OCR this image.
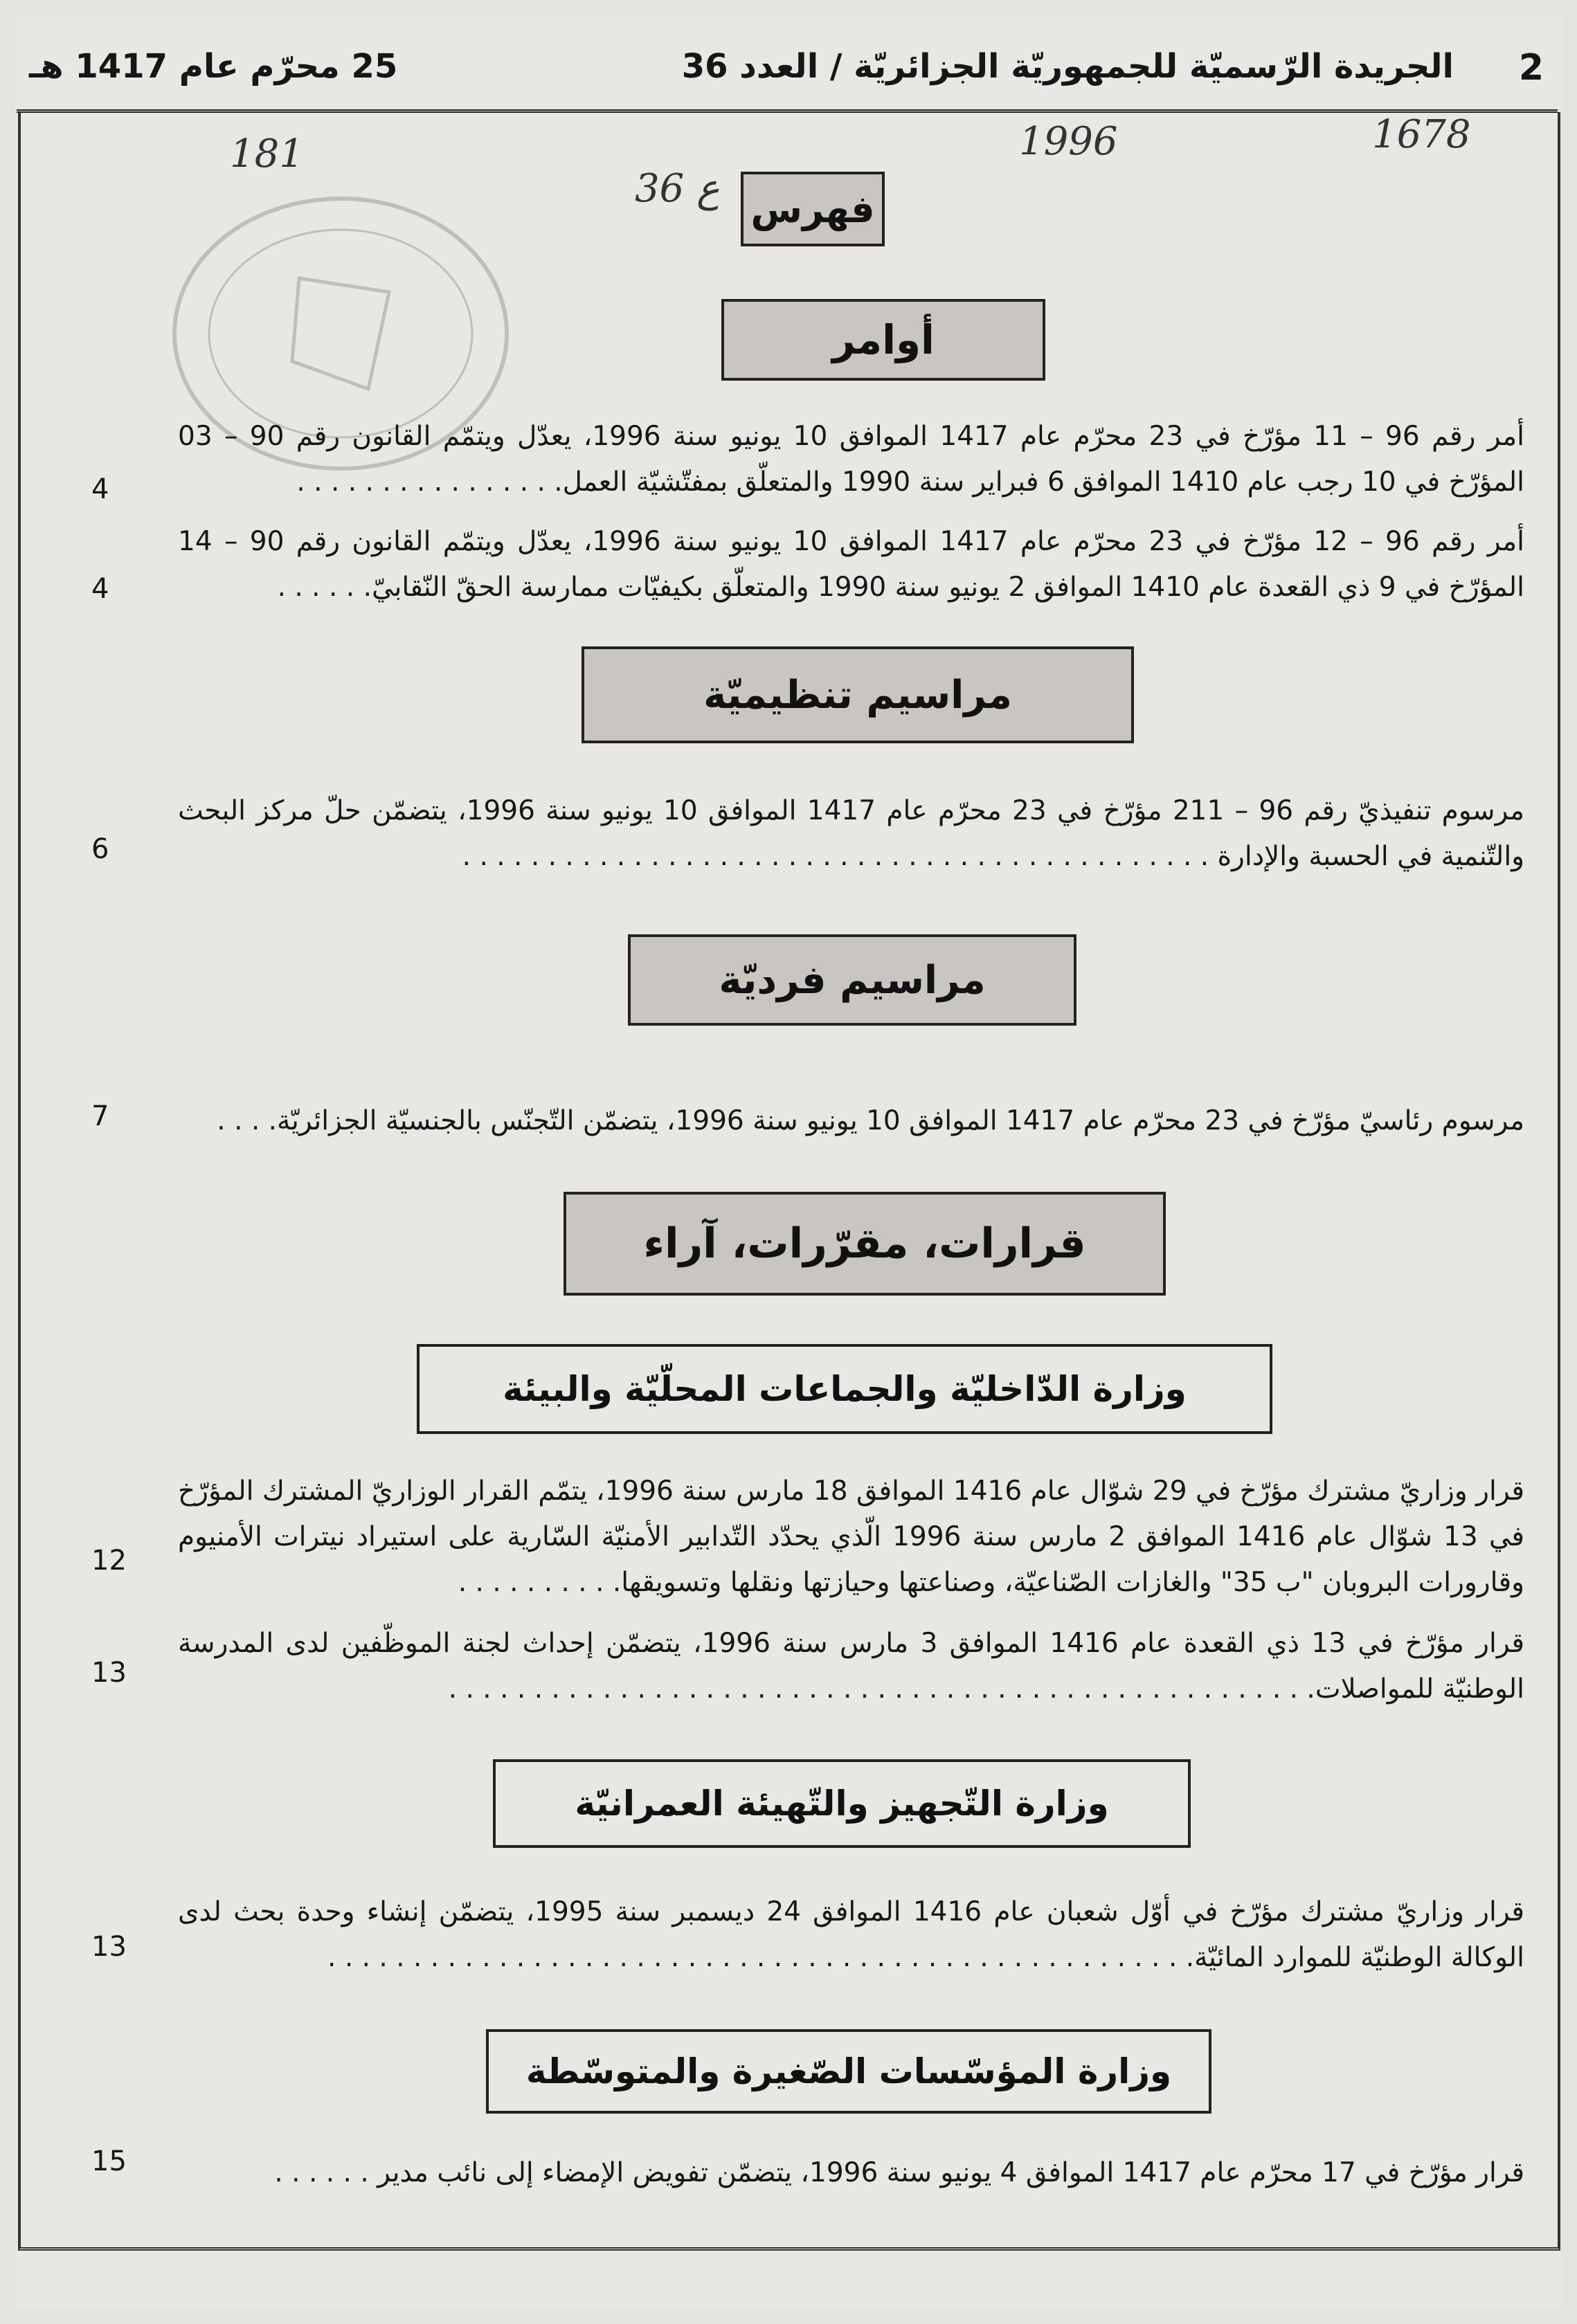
2
الجريدة الرّسميّة للجمهوريّة الجزائريّة / العدد 36
25 محرّم عام 1417 هـ
181
36 ع
1996	1678
فهرس
أوامر
أمر رقم 96 – 11 مؤرّخ في 23 محرّم عام 1417 الموافق 10 يونيو سنة 1996، يعدّل ويتمّم القانون رقم 90 – 03 المؤرّخ في 10 رجب عام 1410 الموافق 6 فبراير سنة 1990 والمتعلّق بمفتّشيّة العمل. . . . . . . . . . . . . . . .
4
أمر رقم 96 – 12 مؤرّخ في 23 محرّم عام 1417 الموافق 10 يونيو سنة 1996، يعدّل ويتمّم القانون رقم 90 – 14 المؤرّخ في 9 ذي القعدة عام 1410 الموافق 2 يونيو سنة 1990 والمتعلّق بكيفيّات ممارسة الحقّ النّقابيّ. . . . . .
4
مراسيم تنظيميّة
مرسوم تنفيذيّ رقم 96 – 211 مؤرّخ في 23 محرّم عام 1417 الموافق 10 يونيو سنة 1996، يتضمّن حلّ مركز البحث والتّنمية في الحسبة والإدارة . . . . . . . . . . . . . . . . . . . . . . . . . . . . . . . . . . . . . . . . . . . .
6
مراسيم فرديّة
مرسوم رئاسيّ مؤرّخ في 23 محرّم عام 1417 الموافق 10 يونيو سنة 1996، يتضمّن التّجنّس بالجنسيّة الجزائريّة. . . .
7
قرارات، مقرّرات، آراء
وزارة الدّاخليّة والجماعات المحلّيّة والبيئة
قرار وزاريّ مشترك مؤرّخ في 29 شوّال عام 1416 الموافق 18 مارس سنة 1996، يتمّم القرار الوزاريّ المشترك المؤرّخ في 13 شوّال عام 1416 الموافق 2 مارس سنة 1996 الّذي يحدّد التّدابير الأمنيّة السّارية على استيراد نيترات الأمنيوم وقارورات البروبان "ب 35" والغازات الصّناعيّة، وصناعتها وحيازتها ونقلها وتسويقها. . . . . . . . . .
12
قرار مؤرّخ في 13 ذي القعدة عام 1416 الموافق 3 مارس سنة 1996، يتضمّن إحداث لجنة الموظّفين لدى المدرسة الوطنيّة للمواصلات. . . . . . . . . . . . . . . . . . . . . . . . . . . . . . . . . . . . . . . . . . . . . . . . . . .
13
وزارة التّجهيز والتّهيئة العمرانيّة
قرار وزاريّ مشترك مؤرّخ في أوّل شعبان عام 1416 الموافق 24 ديسمبر سنة 1995، يتضمّن إنشاء وحدة بحث لدى الوكالة الوطنيّة للموارد المائيّة. . . . . . . . . . . . . . . . . . . . . . . . . . . . . . . . . . . . . . . . . . . . . . . . . . .
13
وزارة المؤسّسات الصّغيرة والمتوسّطة
قرار مؤرّخ في 17 محرّم عام 1417 الموافق 4 يونيو سنة 1996، يتضمّن تفويض الإمضاء إلى نائب مدير . . . . . .
15
